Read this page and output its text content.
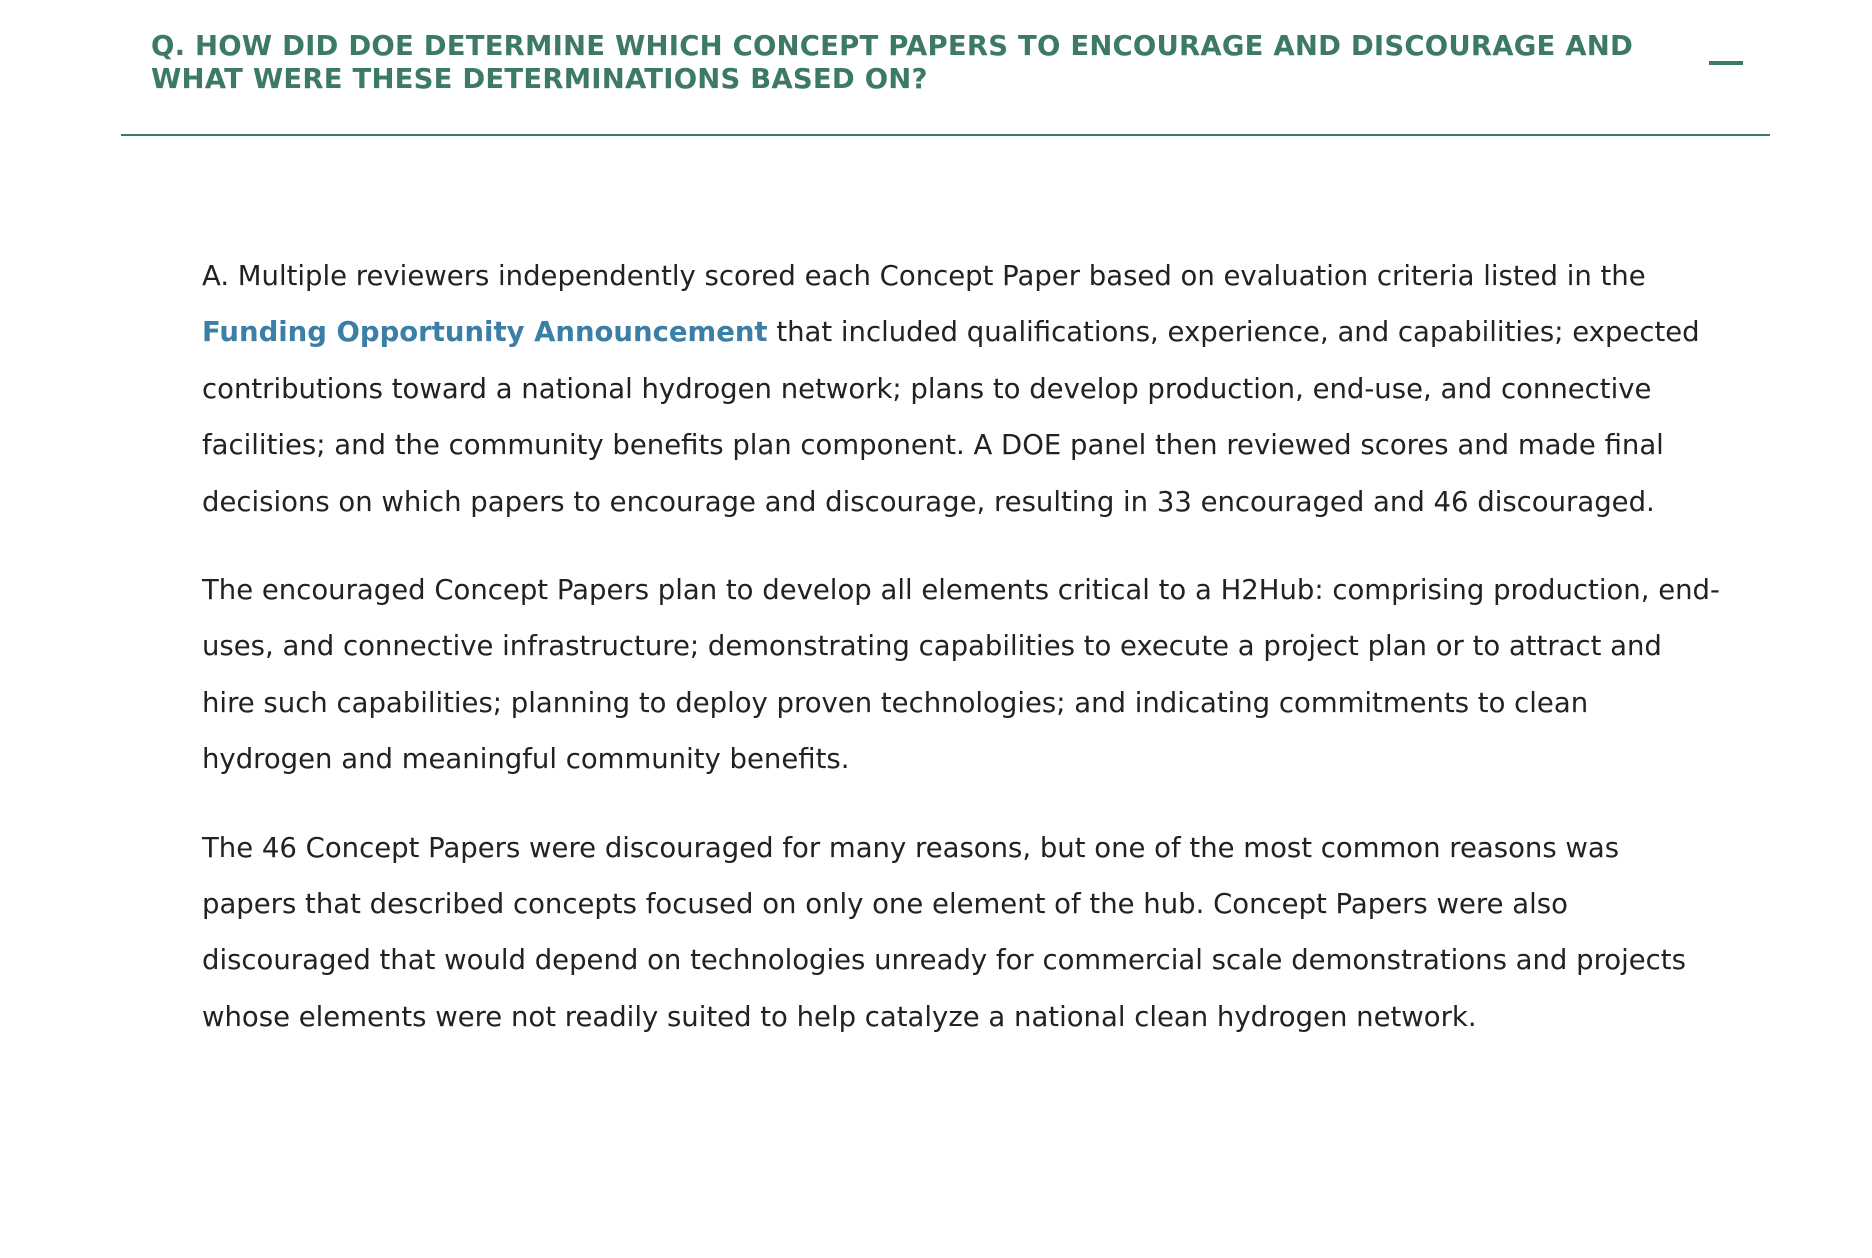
Q. HOW DID DOE DETERMINE WHICH CONCEPT PAPERS TO ENCOURAGE AND DISCOURAGE AND WHAT WERE THESE DETERMINATIONS BASED ON?

A. Multiple reviewers independently scored each Concept Paper based on evaluation criteria listed in the Funding Opportunity Announcement that included qualifications, experience, and capabilities; expected contributions toward a national hydrogen network; plans to develop production, end-use, and connective facilities; and the community benefits plan component. A DOE panel then reviewed scores and made final decisions on which papers to encourage and discourage, resulting in 33 encouraged and 46 discouraged.

The encouraged Concept Papers plan to develop all elements critical to a H2Hub: comprising production, end-uses, and connective infrastructure; demonstrating capabilities to execute a project plan or to attract and hire such capabilities; planning to deploy proven technologies; and indicating commitments to clean hydrogen and meaningful community benefits.

The 46 Concept Papers were discouraged for many reasons, but one of the most common reasons was papers that described concepts focused on only one element of the hub. Concept Papers were also discouraged that would depend on technologies unready for commercial scale demonstrations and projects whose elements were not readily suited to help catalyze a national clean hydrogen network.
